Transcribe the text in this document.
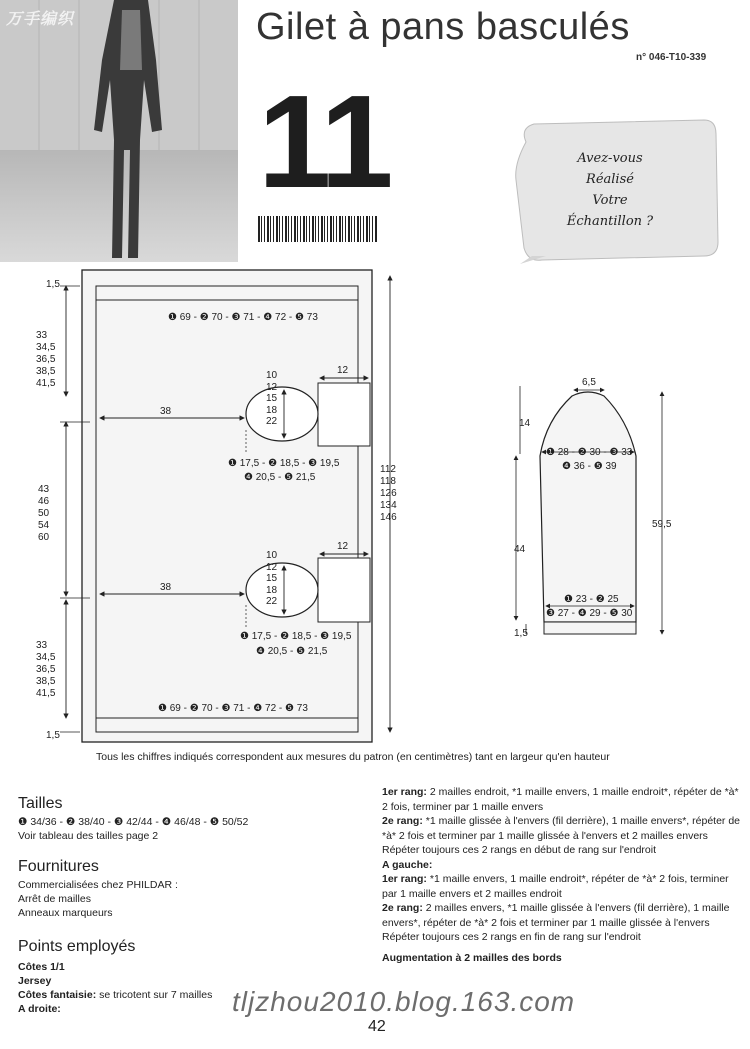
万手编织	Gilet à pans basculés
n° 046-T10-339
11	Avez-vous
Réalisé
Votre
Échantillon ?
1,5
1,5
❶ 69 - ❷ 70 - ❸ 71 - ❹ 72 - ❺ 73
❶ 69 - ❷ 70 - ❸ 71 - ❹ 72 - ❺ 73
33
34,5
36,5
38,5
41,5
43
46
50
54
60
33
34,5
36,5
38,5
41,5
112
118
126
134
146
12
38
10
12
15
18
22
❶ 17,5 - ❷ 18,5 - ❸ 19,5
❹ 20,5 - ❺ 21,5
12
38
10
12
15
18
22
❶ 17,5 - ❷ 18,5 - ❸ 19,5
❹ 20,5 - ❺ 21,5
6,5
14
❶ 28 - ❷ 30 - ❸ 33
❹ 36 - ❺ 39
44
59,5
❶ 23 - ❷ 25
❸ 27 - ❹ 29 - ❺ 30
1,5
Tous les chiffres indiqués correspondent aux mesures du patron (en centimètres) tant en largeur qu'en hauteur
Tailles
❶ 34/36 - ❷ 38/40 - ❸ 42/44 - ❹ 46/48 - ❺ 50/52
Voir tableau des tailles page 2
Fournitures
Commercialisées chez PHILDAR :
Arrêt de mailles
Anneaux marqueurs
Points employés
Côtes 1/1
Jersey
Côtes fantaisie: se tricotent sur 7 mailles
A droite:
1er rang: 2 mailles endroit, *1 maille envers, 1 maille endroit*, répéter de *à* 2 fois, terminer par 1 maille envers
2e rang: *1 maille glissée à l'envers (fil derrière), 1 maille envers*, répéter de *à* 2 fois et terminer par 1 maille glissée à l'envers et 2 mailles envers
Répéter toujours ces 2 rangs en début de rang sur l'endroit
A gauche:
1er rang: *1 maille envers, 1 maille endroit*, répéter de *à* 2 fois, terminer par 1 maille envers et 2 mailles endroit
2e rang: 2 mailles envers, *1 maille glissée à l'envers (fil derrière), 1 maille envers*, répéter de *à* 2 fois et terminer par 1 maille glissée à l'envers
Répéter toujours ces 2 rangs en fin de rang sur l'endroit
Augmentation à 2 mailles des bords
tljzhou2010.blog.163.com
42
